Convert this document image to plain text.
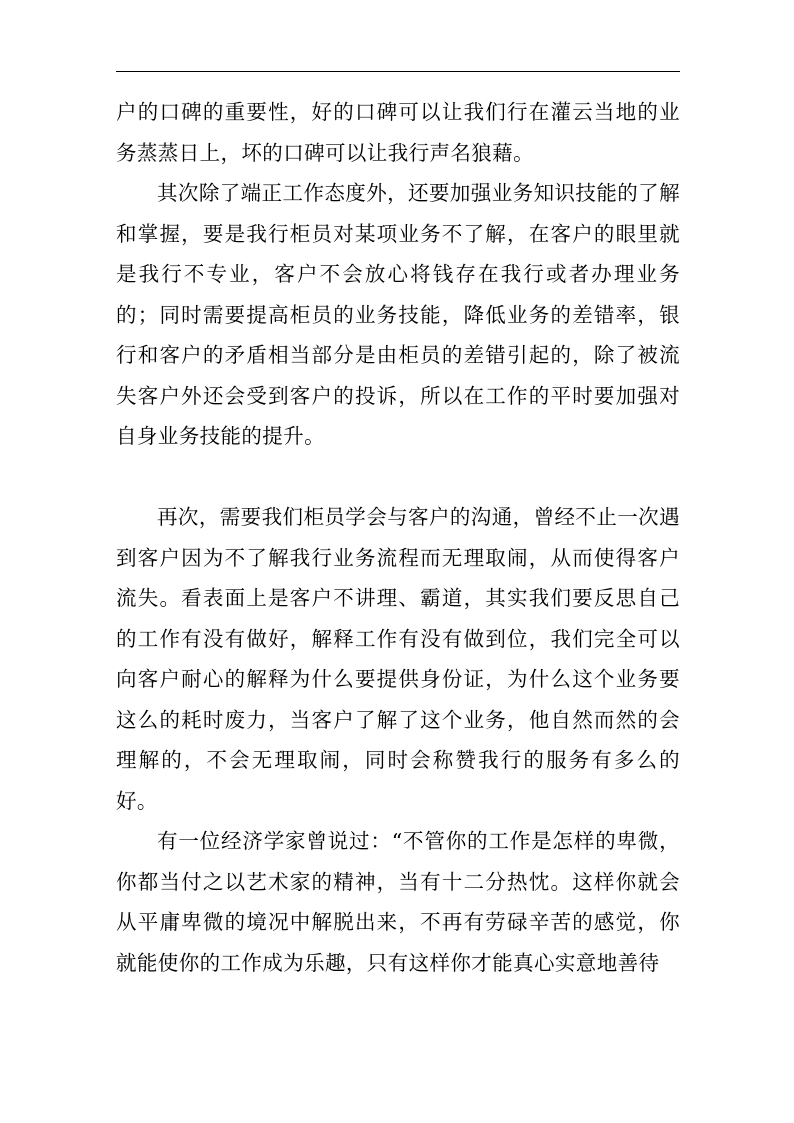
户的口碑的重要性，好的口碑可以让我们行在灌云当地的业务蒸蒸日上，坏的口碑可以让我行声名狼藉。

其次除了端正工作态度外，还要加强业务知识技能的了解和掌握，要是我行柜员对某项业务不了解，在客户的眼里就是我行不专业，客户不会放心将钱存在我行或者办理业务的；同时需要提高柜员的业务技能，降低业务的差错率，银行和客户的矛盾相当部分是由柜员的差错引起的，除了被流失客户外还会受到客户的投诉，所以在工作的平时要加强对自身业务技能的提升。

再次，需要我们柜员学会与客户的沟通，曾经不止一次遇到客户因为不了解我行业务流程而无理取闹，从而使得客户流失。看表面上是客户不讲理、霸道，其实我们要反思自己的工作有没有做好，解释工作有没有做到位，我们完全可以向客户耐心的解释为什么要提供身份证，为什么这个业务要这么的耗时废力，当客户了解了这个业务，他自然而然的会理解的，不会无理取闹，同时会称赞我行的服务有多么的好。

有一位经济学家曾说过：“不管你的工作是怎样的卑微，你都当付之以艺术家的精神，当有十二分热忱。这样你就会从平庸卑微的境况中解脱出来，不再有劳碌辛苦的感觉，你就能使你的工作成为乐趣，只有这样你才能真心实意地善待
